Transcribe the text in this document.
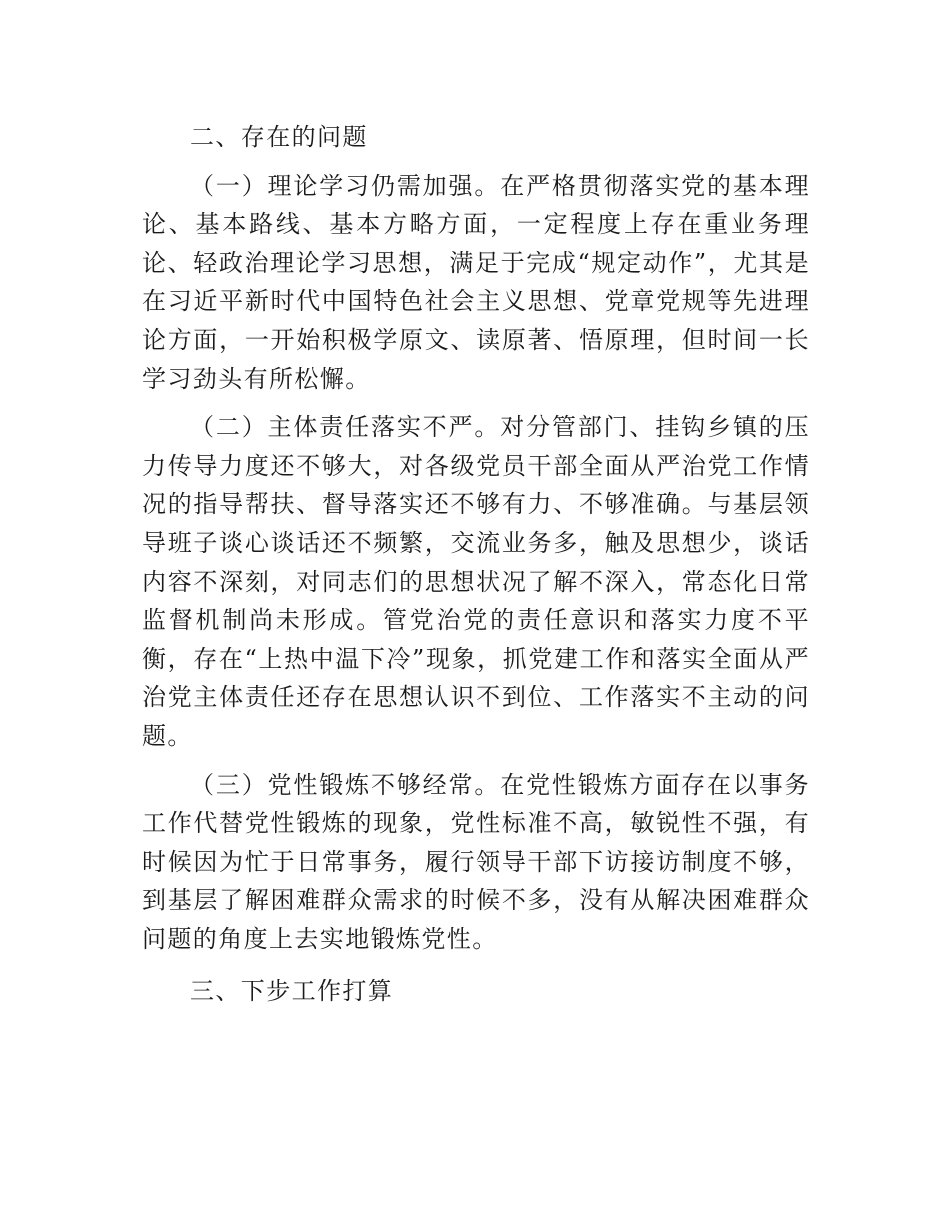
二、存在的问题

（一）理论学习仍需加强。在严格贯彻落实党的基本理论、基本路线、基本方略方面，一定程度上存在重业务理论、轻政治理论学习思想，满足于完成“规定动作”，尤其是在习近平新时代中国特色社会主义思想、党章党规等先进理论方面，一开始积极学原文、读原著、悟原理，但时间一长学习劲头有所松懈。

（二）主体责任落实不严。对分管部门、挂钩乡镇的压力传导力度还不够大，对各级党员干部全面从严治党工作情况的指导帮扶、督导落实还不够有力、不够准确。与基层领导班子谈心谈话还不频繁，交流业务多，触及思想少，谈话内容不深刻，对同志们的思想状况了解不深入，常态化日常监督机制尚未形成。管党治党的责任意识和落实力度不平衡，存在“上热中温下冷”现象，抓党建工作和落实全面从严治党主体责任还存在思想认识不到位、工作落实不主动的问题。

（三）党性锻炼不够经常。在党性锻炼方面存在以事务工作代替党性锻炼的现象，党性标准不高，敏锐性不强，有时候因为忙于日常事务，履行领导干部下访接访制度不够，到基层了解困难群众需求的时候不多，没有从解决困难群众问题的角度上去实地锻炼党性。

三、下步工作打算
